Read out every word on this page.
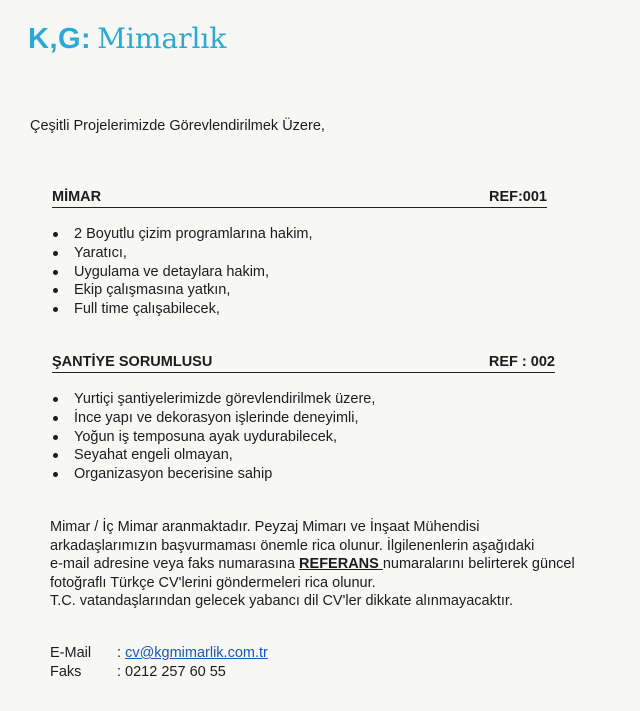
K,G: Mimarlık
Çeşitli Projelerimizde Görevlendirilmek Üzere,
MİMAR	REF:001
2 Boyutlu çizim programlarına hakim,
Yaratıcı,
Uygulama ve detaylara hakim,
Ekip çalışmasına yatkın,
Full time çalışabilecek,
ŞANTİYE SORUMLUSU	REF : 002
Yurtiçi şantiyelerimizde görevlendirilmek üzere,
İnce yapı ve dekorasyon işlerinde deneyimli,
Yoğun iş temposuna ayak uydurabilecek,
Seyahat engeli olmayan,
Organizasyon becerisine sahip
Mimar / İç Mimar aranmaktadır. Peyzaj Mimarı ve İnşaat Mühendisi
arkadaşlarımızın başvurmaması önemle rica olunur. İlgilenenlerin aşağıdaki
e-mail adresine veya faks numarasına REFERANS numaralarını belirterek güncel
fotoğraflı Türkçe CV'lerini göndermeleri rica olunur.
T.C. vatandaşlarından gelecek yabancı dil CV'ler dikkate alınmayacaktır.
E-Mail : cv@kgmimarlik.com.tr
Faks : 0212 257 60 55
